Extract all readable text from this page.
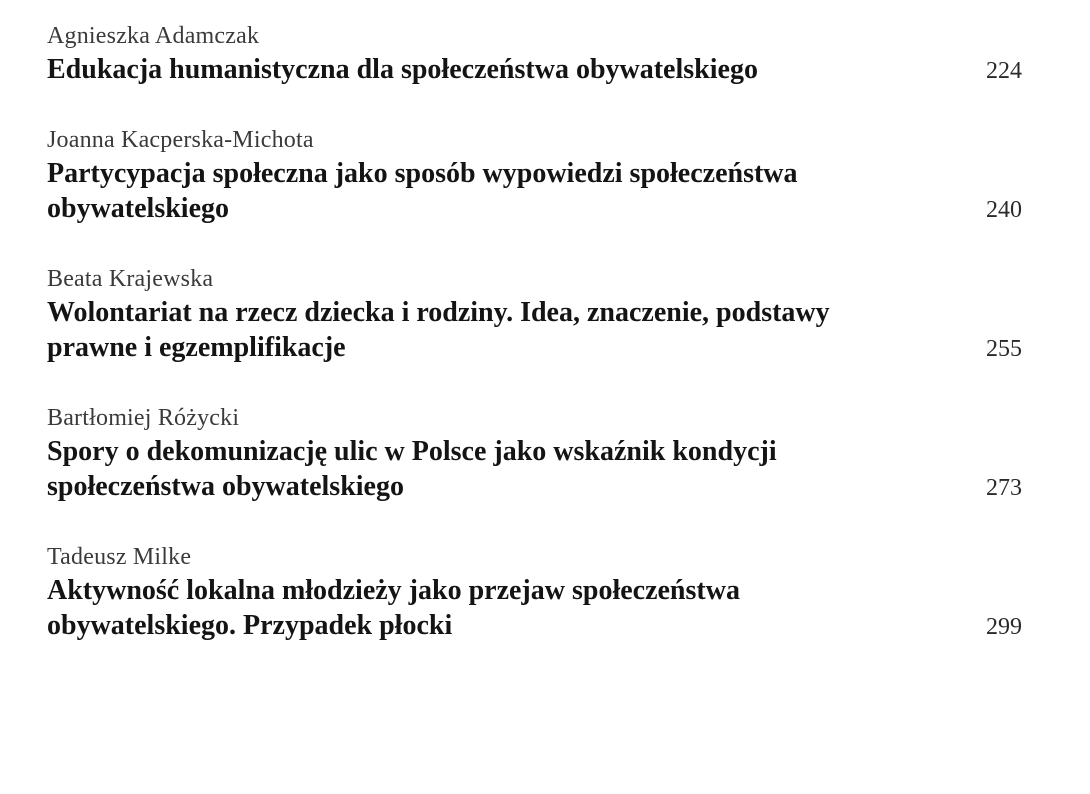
Agnieszka Adamczak
Edukacja humanistyczna dla społeczeństwa obywatelskiego	224
Joanna Kacperska-Michota
Partycypacja społeczna jako sposób wypowiedzi społeczeństwa obywatelskiego	240
Beata Krajewska
Wolontariat na rzecz dziecka i rodziny. Idea, znaczenie, podstawy prawne i egzemplifikacje	255
Bartłomiej Różycki
Spory o dekomunizację ulic w Polsce jako wskaźnik kondycji społeczeństwa obywatelskiego	273
Tadeusz Milke
Aktywność lokalna młodzieży jako przejaw społeczeństwa obywatelskiego. Przypadek płocki	299
